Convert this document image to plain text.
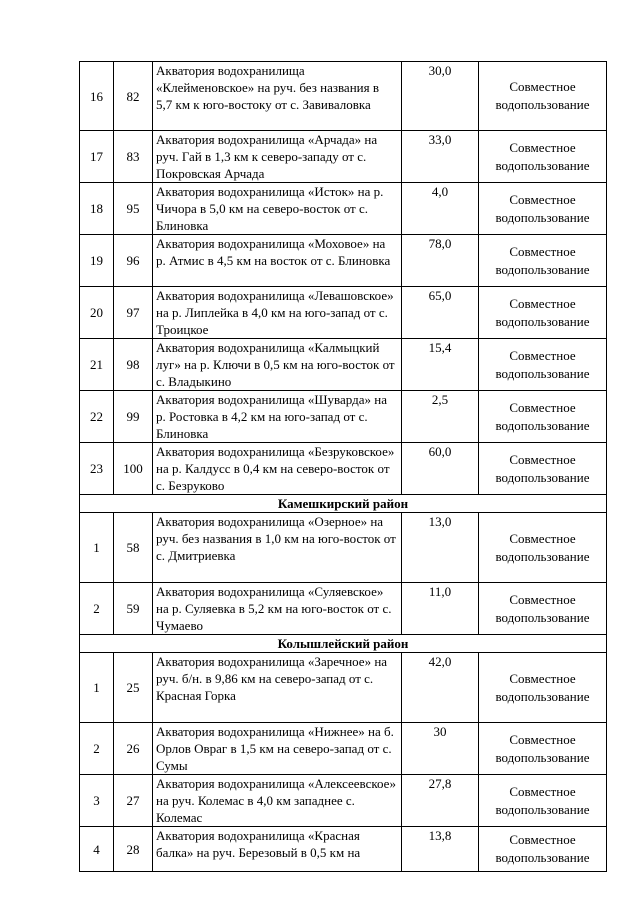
16	82	Акватория водохранилища «Клейменовское» на руч. без названия в 5,7 км к юго-востоку от с. Завиваловка	30,0	Совместное водопользование
17	83	Акватория водохранилища «Арчада» на руч. Гай в 1,3 км к северо-западу от с. Покровская Арчада	33,0	Совместное водопользование
18	95	Акватория водохранилища «Исток» на р. Чичора в 5,0 км на северо-восток от с. Блиновка	4,0	Совместное водопользование
19	96	Акватория водохранилища «Моховое» на р. Атмис в 4,5 км на восток от с. Блиновка	78,0	Совместное водопользование
20	97	Акватория водохранилища «Левашовское» на р. Липлейка в 4,0 км на юго-запад от с. Троицкое	65,0	Совместное водопользование
21	98	Акватория водохранилища «Калмыцкий луг» на р. Ключи в 0,5 км на юго-восток от с. Владыкино	15,4	Совместное водопользование
22	99	Акватория водохранилища «Шуварда» на р. Ростовка в 4,2 км на юго-запад от с. Блиновка	2,5	Совместное водопользование
23	100	Акватория водохранилища «Безруковское» на р. Калдусс в 0,4 км на северо-восток от с. Безруково	60,0	Совместное водопользование
Камешкирский район				
1	58	Акватория водохранилища «Озерное» на руч. без названия в 1,0 км на юго-восток от с. Дмитриевка	13,0	Совместное водопользование
2	59	Акватория водохранилища «Суляевское» на р. Суляевка в 5,2 км на юго-восток от с. Чумаево	11,0	Совместное водопользование
Колышлейский район				
1	25	Акватория водохранилища «Заречное» на руч. б/н. в 9,86 км на северо-запад от с. Красная Горка	42,0	Совместное водопользование
2	26	Акватория водохранилища «Нижнее» на б. Орлов Овраг в 1,5 км на северо-запад от с. Сумы	30	Совместное водопользование
3	27	Акватория водохранилища «Алексеевское» на руч. Колемас в 4,0 км западнее с. Колемас	27,8	Совместное водопользование
4	28	Акватория водохранилища «Красная балка» на руч. Березовый в 0,5 км на	13,8	Совместное водопользование
